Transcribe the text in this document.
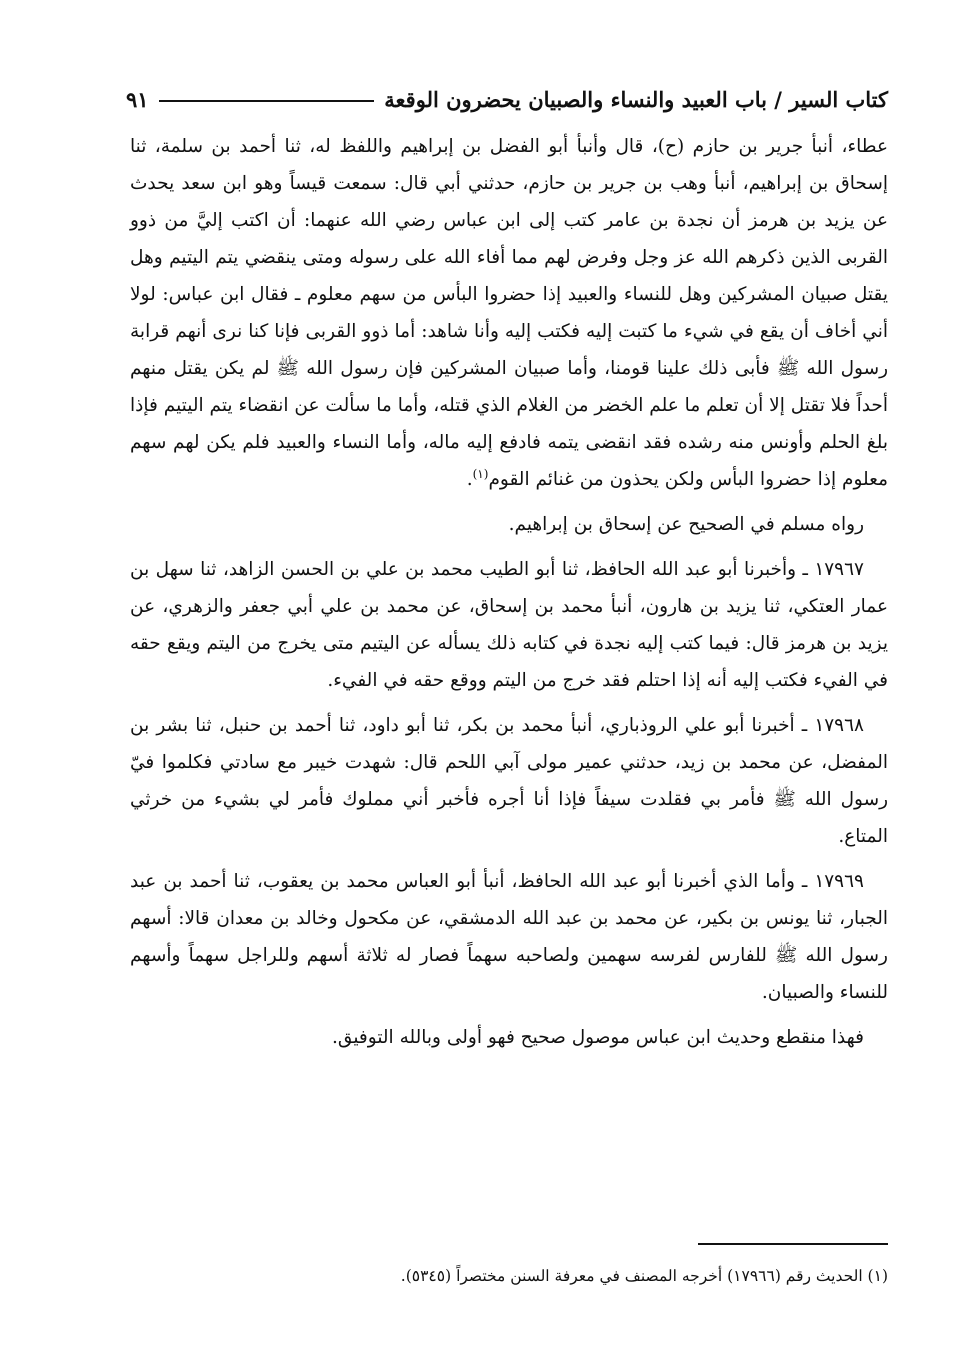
كتاب السير / باب العبيد والنساء والصبيان يحضرون الوقعة
٩١

عطاء، أنبأ جرير بن حازم (ح)، قال وأنبأ أبو الفضل بن إبراهيم واللفظ له، ثنا أحمد بن سلمة، ثنا إسحاق بن إبراهيم، أنبأ وهب بن جرير بن حازم، حدثني أبي قال: سمعت قيساً وهو ابن سعد يحدث عن يزيد بن هرمز أن نجدة بن عامر كتب إلى ابن عباس رضي الله عنهما: أن اكتب إليَّ من ذوو القربى الذين ذكرهم الله عز وجل وفرض لهم مما أفاء الله على رسوله ومتى ينقضي يتم اليتيم وهل يقتل صبيان المشركين وهل للنساء والعبيد إذا حضروا البأس من سهم معلوم ـ فقال ابن عباس: لولا أني أخاف أن يقع في شيء ما كتبت إليه فكتب إليه وأنا شاهد: أما ذوو القربى فإنا كنا نرى أنهم قرابة رسول الله ﷺ فأبى ذلك علينا قومنا، وأما صبيان المشركين فإن رسول الله ﷺ لم يكن يقتل منهم أحداً فلا تقتل إلا أن تعلم ما علم الخضر من الغلام الذي قتله، وأما ما سألت عن انقضاء يتم اليتيم فإذا بلغ الحلم وأونس منه رشده فقد انقضى يتمه فادفع إليه ماله، وأما النساء والعبيد فلم يكن لهم سهم معلوم إذا حضروا البأس ولكن يحذون من غنائم القوم$^{(١)}$.

رواه مسلم في الصحيح عن إسحاق بن إبراهيم.

١٧٩٦٧ ـ وأخبرنا أبو عبد الله الحافظ، ثنا أبو الطيب محمد بن علي بن الحسن الزاهد، ثنا سهل بن عمار العتكي، ثنا يزيد بن هارون، أنبأ محمد بن إسحاق، عن محمد بن علي أبي جعفر والزهري، عن يزيد بن هرمز قال: فيما كتب إليه نجدة في كتابه ذلك يسأله عن اليتيم متى يخرج من اليتم ويقع حقه في الفيء فكتب إليه أنه إذا احتلم فقد خرج من اليتم ووقع حقه في الفيء.

١٧٩٦٨ ـ أخبرنا أبو علي الروذباري، أنبأ محمد بن بكر، ثنا أبو داود، ثنا أحمد بن حنبل، ثنا بشر بن المفضل، عن محمد بن زيد، حدثني عمير مولى آبي اللحم قال: شهدت خيبر مع سادتي فكلموا فيّ رسول الله ﷺ فأمر بي فقلدت سيفاً فإذا أنا أجره فأخبر أني مملوك فأمر لي بشيء من خرثي المتاع.

١٧٩٦٩ ـ وأما الذي أخبرنا أبو عبد الله الحافظ، أنبأ أبو العباس محمد بن يعقوب، ثنا أحمد بن عبد الجبار، ثنا يونس بن بكير، عن محمد بن عبد الله الدمشقي، عن مكحول وخالد بن معدان قالا: أسهم رسول الله ﷺ للفارس لفرسه سهمين ولصاحبه سهماً فصار له ثلاثة أسهم وللراجل سهماً وأسهم للنساء والصبيان.

فهذا منقطع وحديث ابن عباس موصول صحيح فهو أولى وبالله التوفيق.

(١) الحديث رقم (١٧٩٦٦) أخرجه المصنف في معرفة السنن مختصراً (٥٣٤٥).
